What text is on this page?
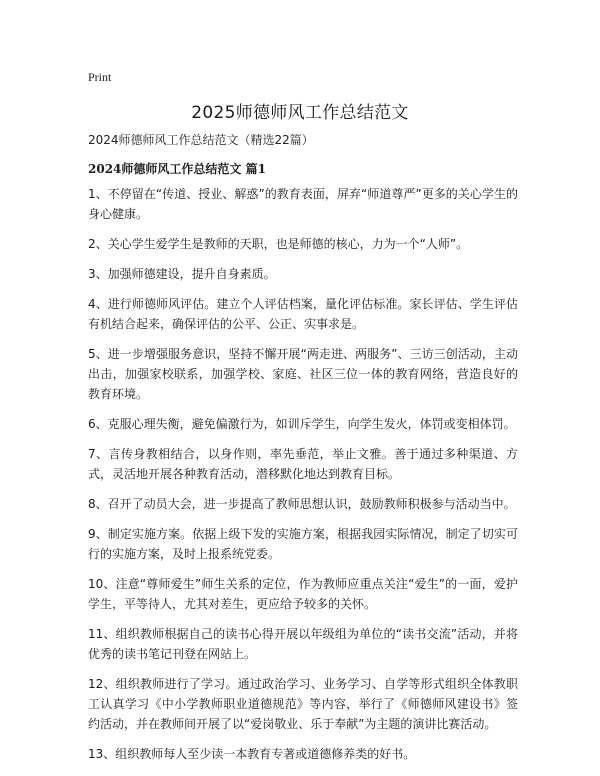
Print
2025师德师风工作总结范文
2024师德师风工作总结范文（精选22篇）
2024师德师风工作总结范文 篇1

1、不停留在“传道、授业、解惑”的教育表面，屏弃“师道尊严”更多的关心学生的身心健康。

2、关心学生爱学生是教师的天职，也是师德的核心，力为一个“人师”。

3、加强师德建设，提升自身素质。

4、进行师德师风评估。建立个人评估档案，量化评估标准。家长评估、学生评估有机结合起来，确保评估的公平、公正、实事求是。

5、进一步增强服务意识，坚持不懈开展“两走进、两服务”、三访三创活动，主动出击，加强家校联系，加强学校、家庭、社区三位一体的教育网络，营造良好的教育环境。

6、克服心理失衡，避免偏激行为，如训斥学生，向学生发火，体罚或变相体罚。

7、言传身教相结合，以身作则，率先垂范，举止文雅。善于通过多种渠道、方式，灵活地开展各种教育活动，潜移默化地达到教育目标。

8、召开了动员大会，进一步提高了教师思想认识，鼓励教师积极参与活动当中。

9、制定实施方案。依据上级下发的实施方案，根据我园实际情况，制定了切实可行的实施方案，及时上报系统党委。

10、注意“尊师爱生”师生关系的定位，作为教师应重点关注“爱生”的一面，爱护学生，平等待人，尤其对差生，更应给予较多的关怀。

11、组织教师根据自己的读书心得开展以年级组为单位的“读书交流”活动，并将优秀的读书笔记刊登在网站上。

12、组织教师进行了学习。通过政治学习、业务学习、自学等形式组织全体教职工认真学习《中小学教师职业道德规范》等内容，举行了《师德师风建设书》签约活动，并在教师间开展了以“爱岗敬业、乐于奉献”为主题的演讲比赛活动。

13、组织教师每人至少读一本教育专著或道德修养类的好书。
